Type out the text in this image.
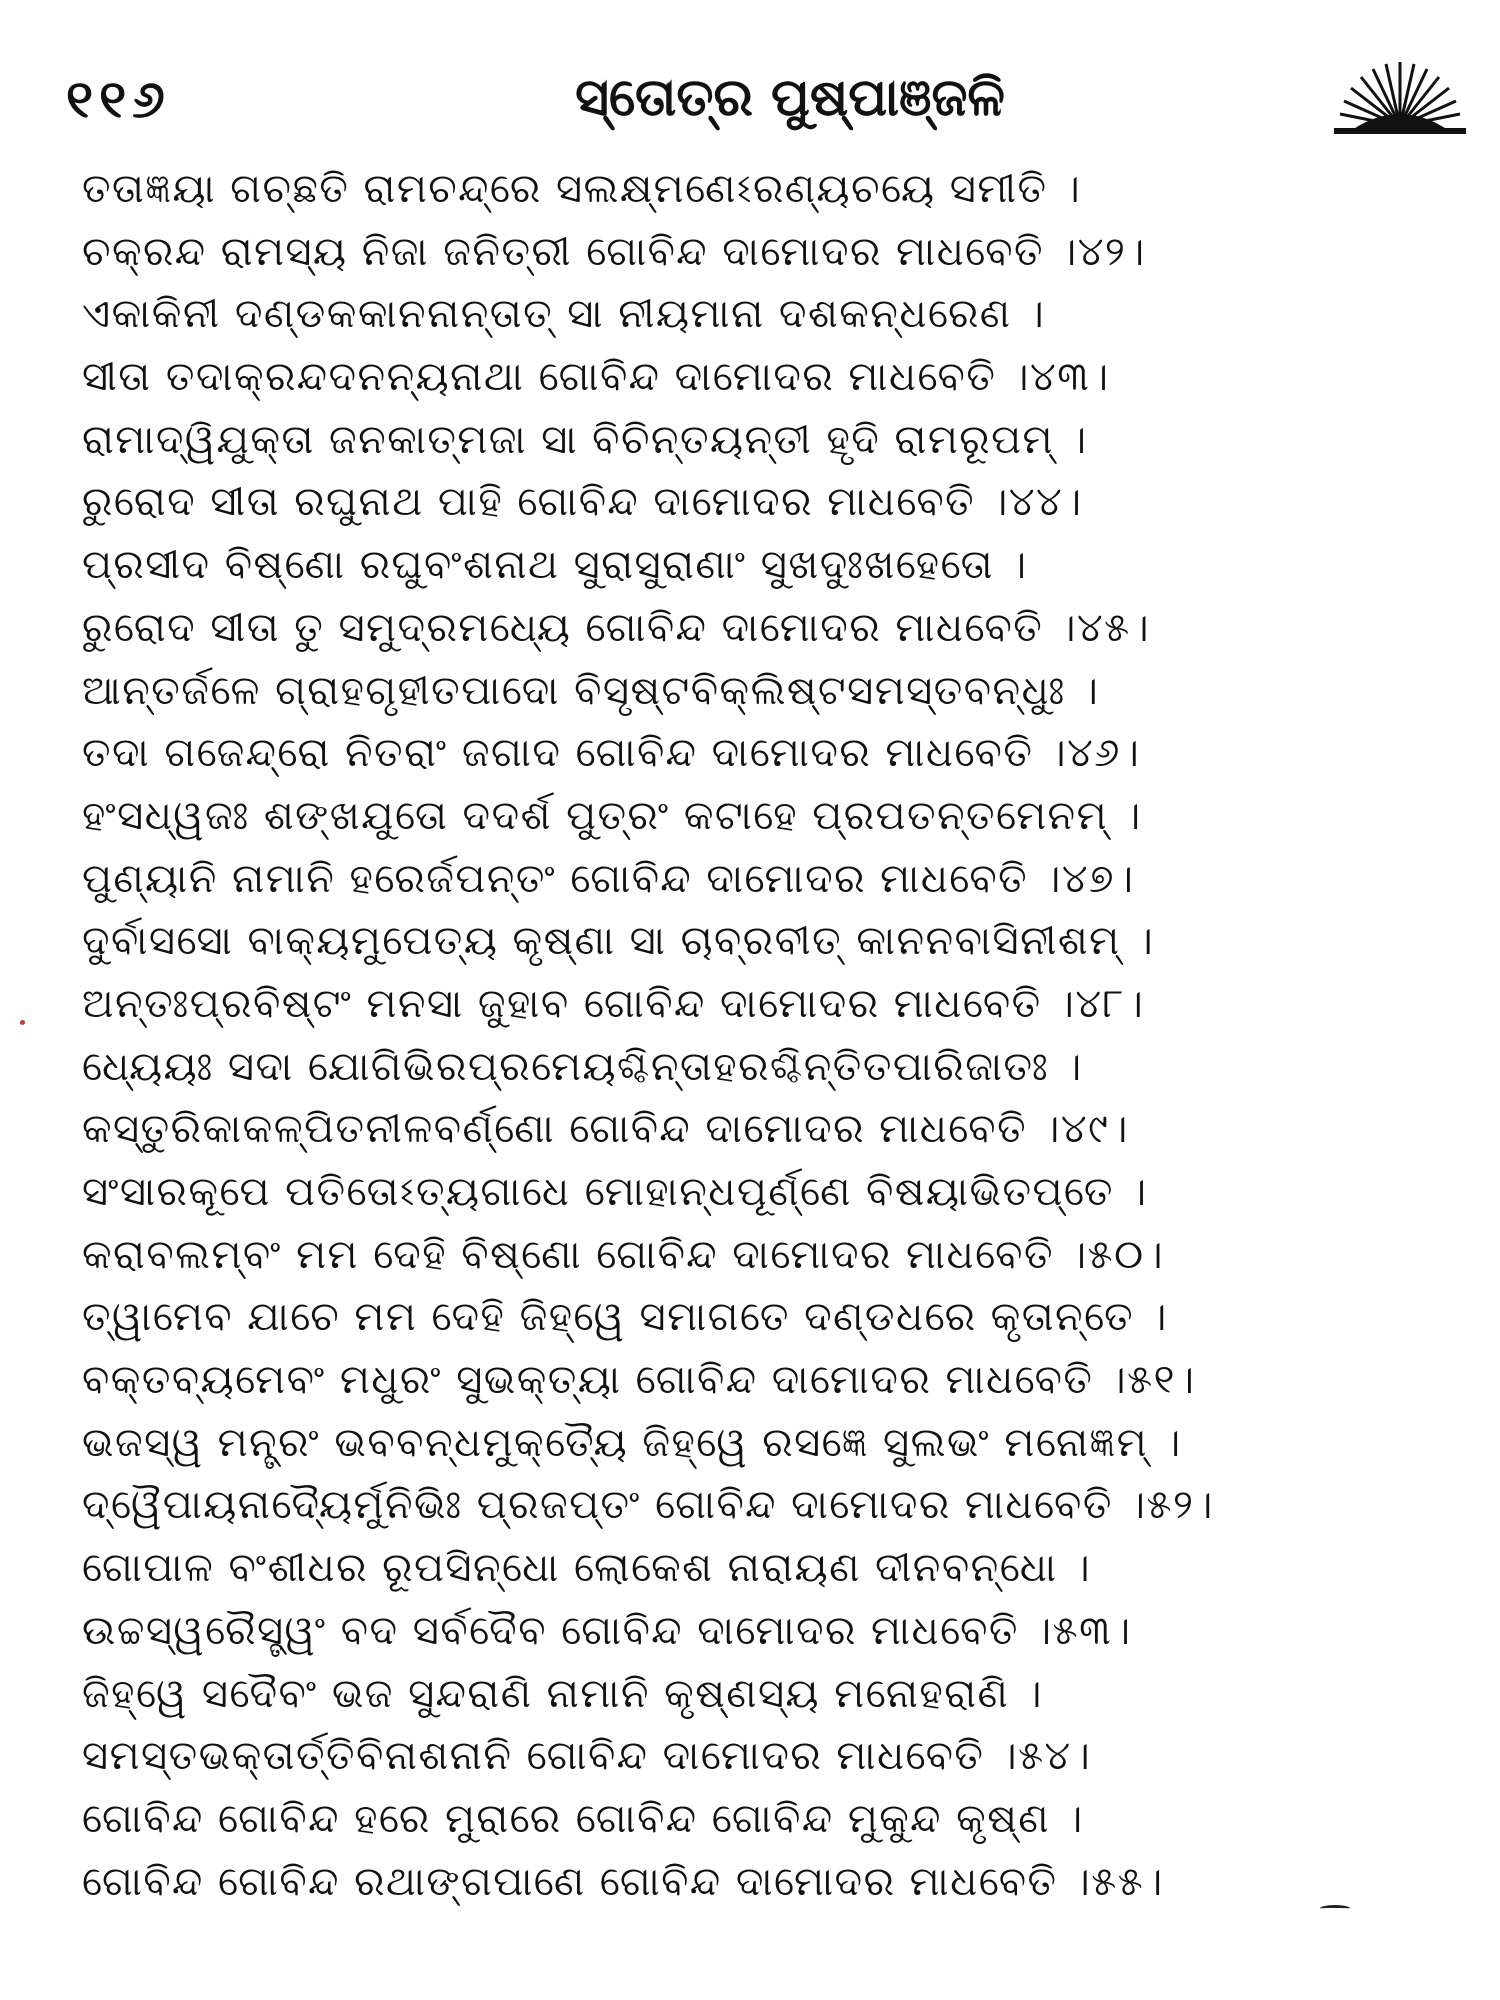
୧୧୬	ସ୍ତୋତ୍ର ପୁଷ୍ପାଞ୍ଜଳି
ତତାଜ୍ଞୟା ଗଚ୍ଛତି ରାମଚନ୍ଦ୍ରେ ସଲକ୍ଷ୍ମଣେଽରଣ୍ୟଚୟେ ସମୀତି ।
ଚକ୍ରନ୍ଦ ରାମସ୍ୟ ନିଜା ଜନିତ୍ରୀ ଗୋବିନ୍ଦ ଦାମୋଦର ମାଧବେତି ।୪୨।
ଏକାକିନୀ ଦଣ୍ଡକକାନନାନ୍ତାତ୍ ସା ନୀୟମାନା ଦଶକନ୍ଧରେଣ ।
ସୀତା ତଦାକ୍ରନ୍ଦଦନନ୍ୟନାଥା ଗୋବିନ୍ଦ ଦାମୋଦର ମାଧବେତି ।୪୩।
ରାମାଦ୍ୱିଯୁକ୍ତା ଜନକାତ୍ମଜା ସା ବିଚିନ୍ତୟନ୍ତୀ ହୃଦି ରାମରୂପମ୍ ।
ରୁରୋଦ ସୀତା ରଘୁନାଥ ପାହି ଗୋବିନ୍ଦ ଦାମୋଦର ମାଧବେତି ।୪୪।
ପ୍ରସୀଦ ବିଷ୍ଣୋ ରଘୁବଂଶନାଥ ସୁରାସୁରାଣାଂ ସୁଖଦୁଃଖହେତୋ ।
ରୁରୋଦ ସୀତା ତୁ ସମୁଦ୍ରମଧ୍ୟେ ଗୋବିନ୍ଦ ଦାମୋଦର ମାଧବେତି ।୪୫।
ଆନ୍ତର୍ଜଳେ ଗ୍ରାହଗୃହୀତପାଦୋ ବିସୃଷ୍ଟବିକ୍ଲିଷ୍ଟସମସ୍ତବନ୍ଧୁଃ ।
ତଦା ଗଜେନ୍ଦ୍ରୋ ନିତରାଂ ଜଗାଦ ଗୋବିନ୍ଦ ଦାମୋଦର ମାଧବେତି ।୪୬।
ହଂସଧ୍ୱଜଃ ଶଙ୍ଖଯୁତୋ ଦଦର୍ଶ ପୁତ୍ରଂ କଟାହେ ପ୍ରପତନ୍ତମେନମ୍ ।
ପୁଣ୍ୟାନି ନାମାନି ହରେର୍ଜପନ୍ତଂ ଗୋବିନ୍ଦ ଦାମୋଦର ମାଧବେତି ।୪୭।
ଦୁର୍ବାସସୋ ବାକ୍ୟମୁପେତ୍ୟ କୃଷ୍ଣା ସା ଚାବ୍ରବୀତ୍ କାନନବାସିନୀଶମ୍ ।
ଅନ୍ତଃପ୍ରବିଷ୍ଟଂ ମନସା ଜୁହାବ ଗୋବିନ୍ଦ ଦାମୋଦର ମାଧବେତି ।୪୮।
ଧ୍ୟେୟଃ ସଦା ଯୋଗିଭିରପ୍ରମେୟଶ୍ଚିନ୍ତାହରଶ୍ଚିନ୍ତିତପାରିଜାତଃ ।
କସ୍ତୁରିକାକଳ୍ପିତନୀଳବର୍ଣ୍ଣୋ ଗୋବିନ୍ଦ ଦାମୋଦର ମାଧବେତି ।୪୯।
ସଂସାରକୂପେ ପତିତୋଽତ୍ୟଗାଧେ ମୋହାନ୍ଧପୂର୍ଣ୍ଣେ ବିଷୟାଭିତପ୍ତେ ।
କରାବଲମ୍ବଂ ମମ ଦେହି ବିଷ୍ଣୋ ଗୋବିନ୍ଦ ଦାମୋଦର ମାଧବେତି ।୫୦।
ତ୍ୱାମେବ ଯାଚେ ମମ ଦେହି ଜିହ୍ୱେ ସମାଗତେ ଦଣ୍ଡଧରେ କୃତାନ୍ତେ ।
ବକ୍ତବ୍ୟମେବଂ ମଧୁରଂ ସୁଭକ୍ତ୍ୟା ଗୋବିନ୍ଦ ଦାମୋଦର ମାଧବେତି ।୫୧।
ଭଜସ୍ୱ ମନ୍ତ୍ରଂ ଭବବନ୍ଧମୁକ୍ତ୍ୟୈ ଜିହ୍ୱେ ରସଜ୍ଞେ ସୁଲଭଂ ମନୋଜ୍ଞମ୍ ।
ଦ୍ୱୈପାୟନାଦ୍ୟୈର୍ମୁନିଭିଃ ପ୍ରଜପ୍ତଂ ଗୋବିନ୍ଦ ଦାମୋଦର ମାଧବେତି ।୫୨।
ଗୋପାଳ ବଂଶୀଧର ରୂପସିନ୍ଧୋ ଲୋକେଶ ନାରାୟଣ ଦୀନବନ୍ଧୋ ।
ଉଚ୍ଚସ୍ୱରୈସ୍ତ୍ୱଂ ବଦ ସର୍ବଦୈବ ଗୋବିନ୍ଦ ଦାମୋଦର ମାଧବେତି ।୫୩।
ଜିହ୍ୱେ ସଦୈବଂ ଭଜ ସୁନ୍ଦରାଣି ନାମାନି କୃଷ୍ଣସ୍ୟ ମନୋହରାଣି ।
ସମସ୍ତଭକ୍ତାର୍ତ୍ତିବିନାଶନାନି ଗୋବିନ୍ଦ ଦାମୋଦର ମାଧବେତି ।୫୪।
ଗୋବିନ୍ଦ ଗୋବିନ୍ଦ ହରେ ମୁରାରେ ଗୋବିନ୍ଦ ଗୋବିନ୍ଦ ମୁକୁନ୍ଦ କୃଷ୍ଣ ।
ଗୋବିନ୍ଦ ଗୋବିନ୍ଦ ରଥାଙ୍ଗପାଣେ ଗୋବିନ୍ଦ ଦାମୋଦର ମାଧବେତି ।୫୫।
